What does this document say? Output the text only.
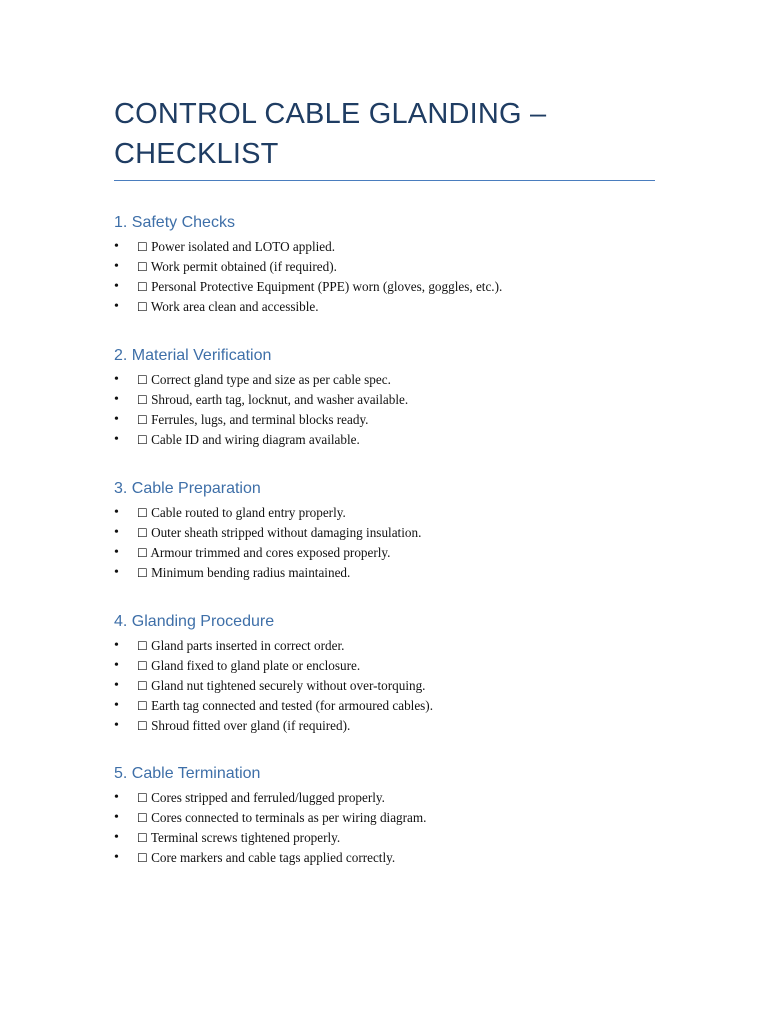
CONTROL CABLE GLANDING – CHECKLIST
1. Safety Checks
• ☐ Power isolated and LOTO applied.
• ☐ Work permit obtained (if required).
• ☐ Personal Protective Equipment (PPE) worn (gloves, goggles, etc.).
• ☐ Work area clean and accessible.
2. Material Verification
• ☐ Correct gland type and size as per cable spec.
• ☐ Shroud, earth tag, locknut, and washer available.
• ☐ Ferrules, lugs, and terminal blocks ready.
• ☐ Cable ID and wiring diagram available.
3. Cable Preparation
• ☐ Cable routed to gland entry properly.
• ☐ Outer sheath stripped without damaging insulation.
• ☐ Armour trimmed and cores exposed properly.
• ☐ Minimum bending radius maintained.
4. Glanding Procedure
• ☐ Gland parts inserted in correct order.
• ☐ Gland fixed to gland plate or enclosure.
• ☐ Gland nut tightened securely without over-torquing.
• ☐ Earth tag connected and tested (for armoured cables).
• ☐ Shroud fitted over gland (if required).
5. Cable Termination
• ☐ Cores stripped and ferruled/lugged properly.
• ☐ Cores connected to terminals as per wiring diagram.
• ☐ Terminal screws tightened properly.
• ☐ Core markers and cable tags applied correctly.
